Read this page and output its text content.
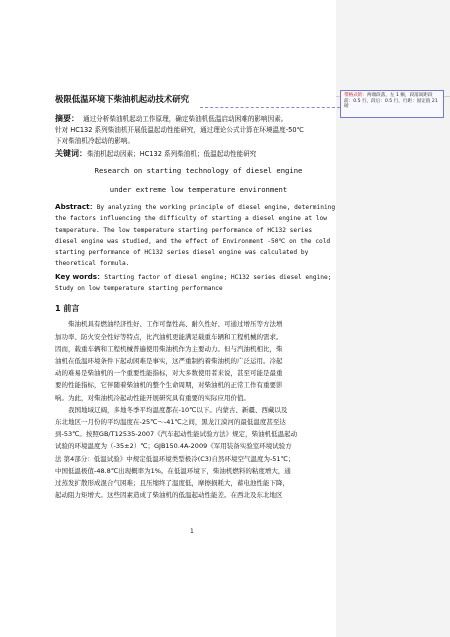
带格式的：两端段落，左 1 额，段落间距段前：0.5 行，段后：0.5 行，行距：固定值 21 磅
极限低温环境下柴油机起动技术研究
摘要： 通过分析柴油机起动工作原理，确定柴油机低温启动困难的影响因素。
针对 HC132 系列柴油机开展低温起动性能研究，通过理论公式计算在环境温度-50℃
下对柴油机冷起动的影响。
关键词：柴油机起动因素；HC132 系列柴油机；低温起动性能研究
Research on starting technology of diesel engine
under extreme low temperature environment
Abstract：By analyzing the working principle of diesel engine, determining
the factors influencing the difficulty of starting a diesel engine at low
temperature. The low temperature starting performance of HC132 series
diesel engine was studied, and the effect of Environment -50℃ on the cold
starting performance of HC132 series diesel engine was calculated by
theoretical formula.
Key words：Starting factor of diesel engine; HC132 series diesel engine;
Study on low temperature starting performance
1 前言
柴油机具有燃油经济性好、工作可靠性高、耐久性好、可通过增压等方法增
加功率、防火安全性好等特点，比汽油机更能满足载重车辆和工程机械的需求。
因而，载重车辆和工程机械普遍使用柴油机作为主要动力。但与汽油机相比，柴
油机在低温环境条件下起动困难是事实，这严重制约着柴油机的广泛运用。冷起
动的难易是柴油机的一个重要性能指标，对大多数使用者来说，甚至可能是最重
要的性能指标，它伴随着柴油机的整个生命周期，对柴油机的正常工作有重要影
响。为此，对柴油机冷起动性能开展研究具有重要的实际应用价值。
我国地域辽阔，多地冬季平均温度都在-10℃以下。内蒙古、新疆、西藏以及
东北地区一月份的平均温度在-25℃～-41℃之间，黑龙江漠河的最低温度甚至达
到-53℃。按照GB/T12535-2007《汽车起动性能试验方法》规定，柴油机低温起动
试验的环境温度为（-35±2）℃；GJB150.4A-2009《军用装备实验室环境试验方
法 第4部分：低温试验》中规定低温环境类型极冷(C3)自然环境空气温度为-51℃；
中国低温极值-48.8℃出现概率为1%。在低温环境下，柴油机燃料的粘度增大，通
过蒸发扩散形成混合气困难；且压缩终了温度低，摩擦损耗大，蓄电池性能下降，
起动阻力矩增大。这些因素造成了柴油机的低温起动性能差。在西北及东北地区
1
